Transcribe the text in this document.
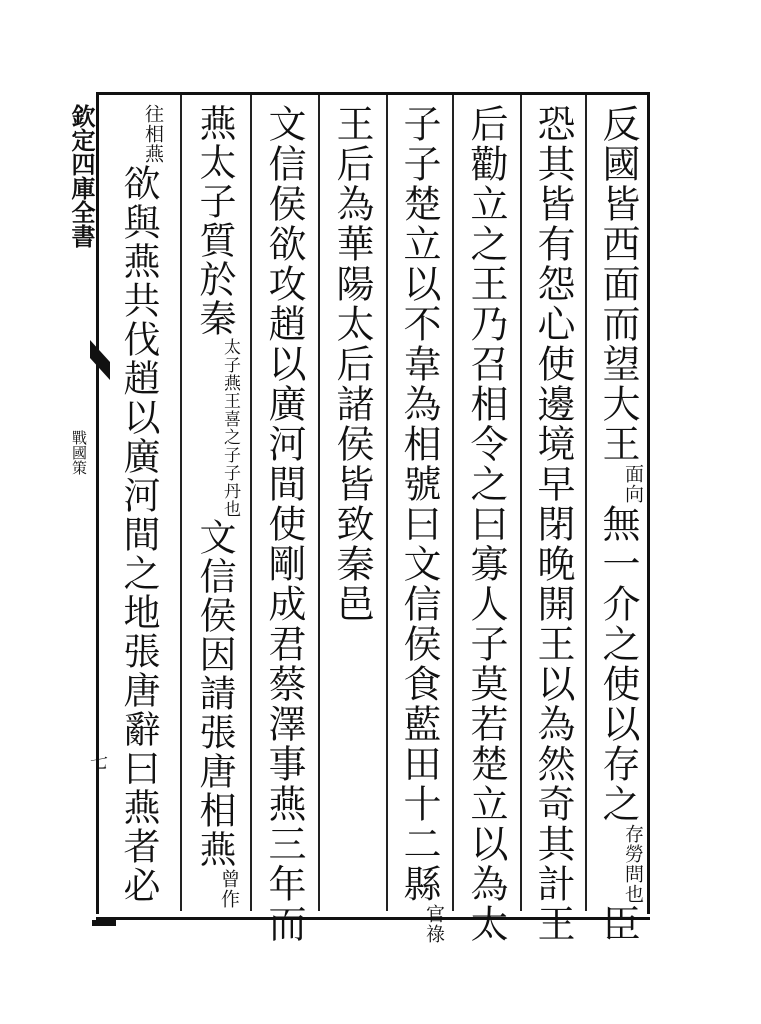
欽定四庫全書
戰國策
七
反國皆西面而望大王面向無一介之使以存之存勞問也臣
恐其皆有怨心使邊境早閉晚開王以為然奇其計王
后勸立之王乃召相令之曰寡人子莫若楚立以為太
子子楚立以不韋為相號曰文信侯食藍田十二縣官祿
王后為華陽太后諸侯皆致秦邑
文信侯欲攻趙以廣河間使剛成君蔡澤事燕三年而
燕太子質於秦太子燕王喜之子子丹也文信侯因請張唐相燕曾作
往相燕欲與燕共伐趙以廣河間之地張唐辭曰燕者必
